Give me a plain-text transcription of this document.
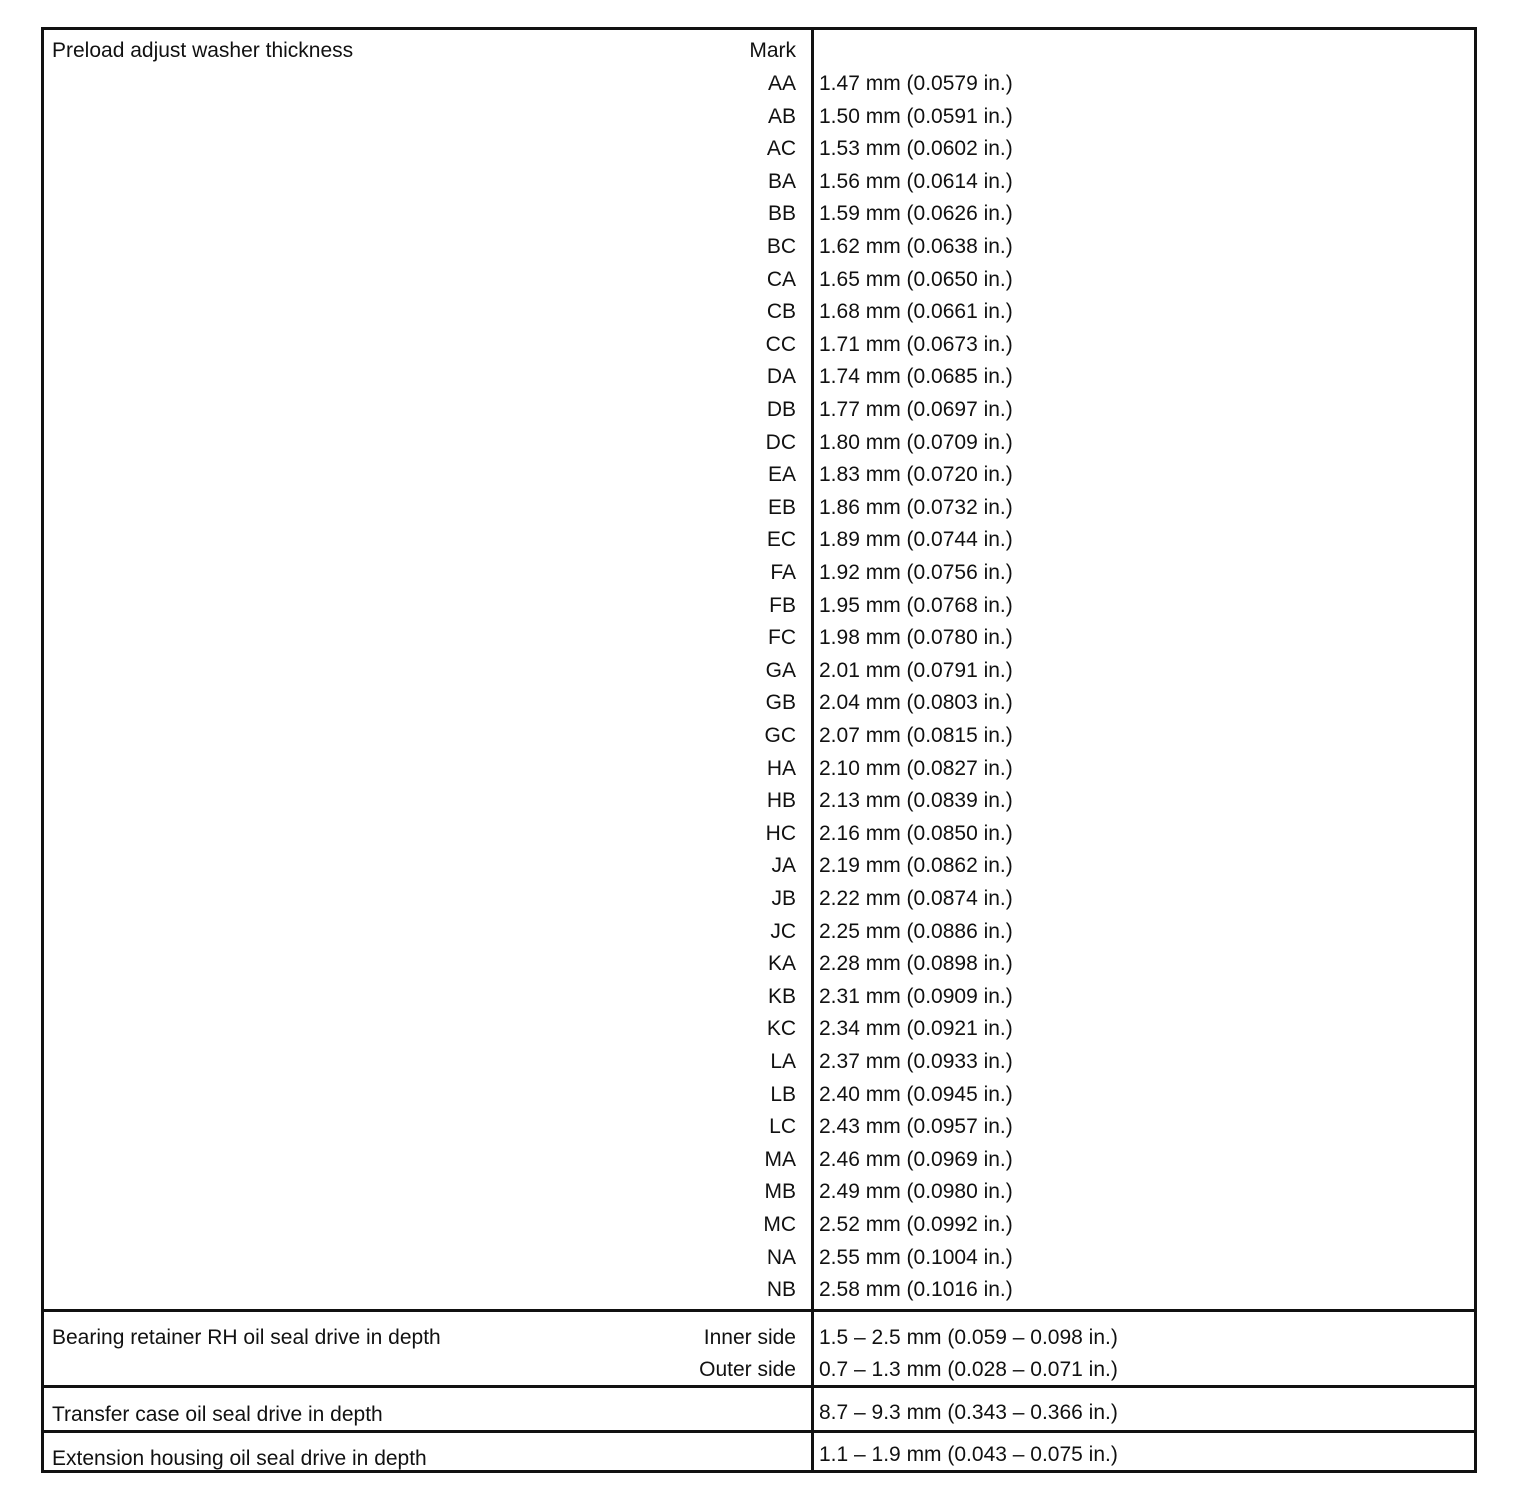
Preload adjust washer thickness	Mark
AA 1.47 mm (0.0579 in.)
AB 1.50 mm (0.0591 in.)
AC 1.53 mm (0.0602 in.)
BA 1.56 mm (0.0614 in.)
BB 1.59 mm (0.0626 in.)
BC 1.62 mm (0.0638 in.)
CA 1.65 mm (0.0650 in.)
CB 1.68 mm (0.0661 in.)
CC 1.71 mm (0.0673 in.)
DA 1.74 mm (0.0685 in.)
DB 1.77 mm (0.0697 in.)
DC 1.80 mm (0.0709 in.)
EA 1.83 mm (0.0720 in.)
EB 1.86 mm (0.0732 in.)
EC 1.89 mm (0.0744 in.)
FA 1.92 mm (0.0756 in.)
FB 1.95 mm (0.0768 in.)
FC 1.98 mm (0.0780 in.)
GA 2.01 mm (0.0791 in.)
GB 2.04 mm (0.0803 in.)
GC 2.07 mm (0.0815 in.)
HA 2.10 mm (0.0827 in.)
HB 2.13 mm (0.0839 in.)
HC 2.16 mm (0.0850 in.)
JA 2.19 mm (0.0862 in.)
JB 2.22 mm (0.0874 in.)
JC 2.25 mm (0.0886 in.)
KA 2.28 mm (0.0898 in.)
KB 2.31 mm (0.0909 in.)
KC 2.34 mm (0.0921 in.)
LA 2.37 mm (0.0933 in.)
LB 2.40 mm (0.0945 in.)
LC 2.43 mm (0.0957 in.)
MA 2.46 mm (0.0969 in.)
MB 2.49 mm (0.0980 in.)
MC 2.52 mm (0.0992 in.)
NA 2.55 mm (0.1004 in.)
NB 2.58 mm (0.1016 in.)
Bearing retainer RH oil seal drive in depth	Inner side 1.5 – 2.5 mm (0.059 – 0.098 in.)
Outer side 0.7 – 1.3 mm (0.028 – 0.071 in.)
Transfer case oil seal drive in depth	8.7 – 9.3 mm (0.343 – 0.366 in.)
Extension housing oil seal drive in depth	1.1 – 1.9 mm (0.043 – 0.075 in.)
